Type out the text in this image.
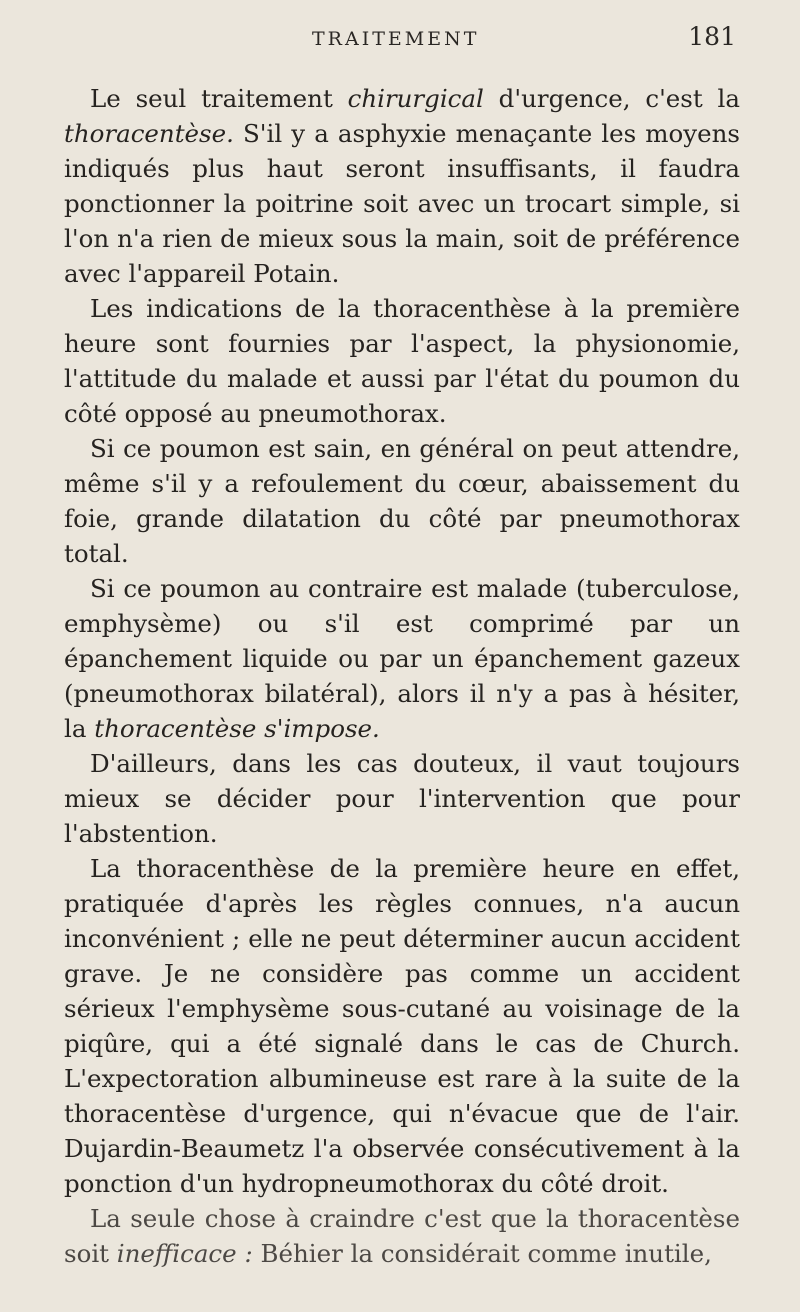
TRAITEMENT	181

Le seul traitement chirurgical d'urgence, c'est la thoracentèse. S'il y a asphyxie menaçante les moyens indiqués plus haut seront insuffisants, il faudra ponctionner la poitrine soit avec un trocart simple, si l'on n'a rien de mieux sous la main, soit de préférence avec l'appareil Potain.

Les indications de la thoracenthèse à la première heure sont fournies par l'aspect, la physionomie, l'attitude du malade et aussi par l'état du poumon du côté opposé au pneumothorax.

Si ce poumon est sain, en général on peut attendre, même s'il y a refoulement du cœur, abaissement du foie, grande dilatation du côté par pneumothorax total.

Si ce poumon au contraire est malade (tuberculose, emphysème) ou s'il est comprimé par un épanchement liquide ou par un épanchement gazeux (pneumothorax bilatéral), alors il n'y a pas à hésiter, la thoracentèse s'impose.

D'ailleurs, dans les cas douteux, il vaut toujours mieux se décider pour l'intervention que pour l'abstention.

La thoracenthèse de la première heure en effet, pratiquée d'après les règles connues, n'a aucun inconvénient ; elle ne peut déterminer aucun accident grave. Je ne considère pas comme un accident sérieux l'emphysème sous-cutané au voisinage de la piqûre, qui a été signalé dans le cas de Church. L'expectoration albumineuse est rare à la suite de la thoracentèse d'urgence, qui n'évacue que de l'air. Dujardin-Beaumetz l'a observée consécutivement à la ponction d'un hydropneumothorax du côté droit.

La seule chose à craindre c'est que la thoracentèse soit inefficace : Béhier la considérait comme inutile,
